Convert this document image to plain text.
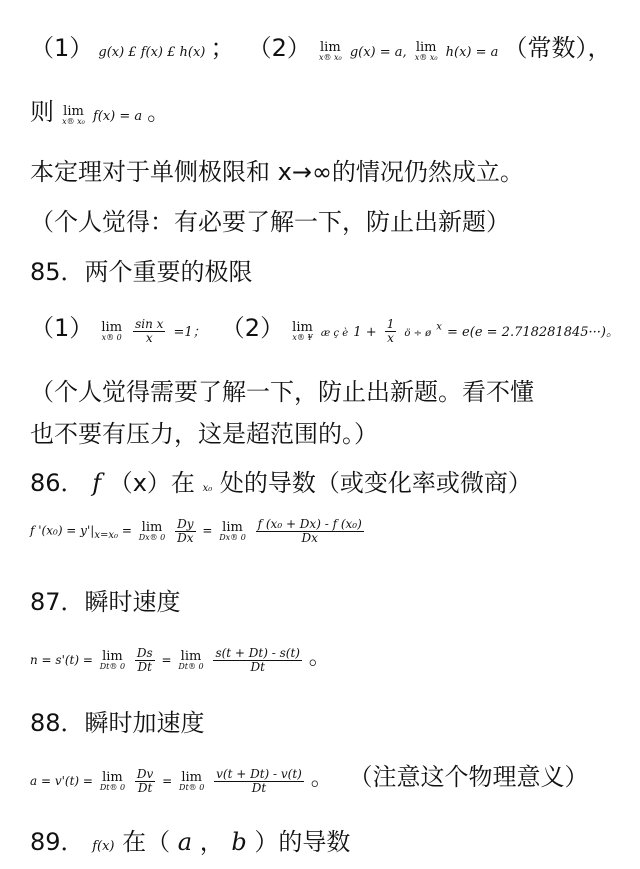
（1） g(x) £ f(x) £ h(x) ； （2） lim
x® x₀ g(x) = a, lim
x® x₀ h(x) = a （常数），
则 lim
x® x₀ f(x) = a 。
本定理对于单侧极限和 x→∞的情况仍然成立。
（个人觉得：有必要了解一下，防止出新题）
85．两个重要的极限
（1） lim
x® 0
$\frac{\text{sin x}}{x} =1$； （2） lim
x® ¥ æ ç è $1 + \frac{1}{x}$ ö ÷ ø $^x$ = e(e = 2.718281845···)。
（个人觉得需要了解一下，防止出新题。看不懂
也不要有压力，这是超范围的。）
86． f （x）在 x₀ 处的导数（或变化率或微商）
f '$(x_0) = y'|_{x=x_0} = \lim$
Dx® 0
$\frac{Dy}{Dx} = \lim$
Dx® 0
$\frac{\text{f (x₀ + Dx) - f (x₀)}}{Dx}$
87．瞬时速度
n = s'(t) = lim
Dt® 0
$\frac{Ds}{Dt} = \lim$
Dt® 0
$\frac{s(t + Dt) - s(t)}{Dt}$ 。
88．瞬时加速度
a = v'(t) = lim
Dt® 0
$\frac{Dv}{Dt} = \lim$
Dt® 0
$\frac{v(t + Dt) - v(t)}{Dt}$ 。 （注意这个物理意义）
89． f(x) 在（ a ， b ）的导数
